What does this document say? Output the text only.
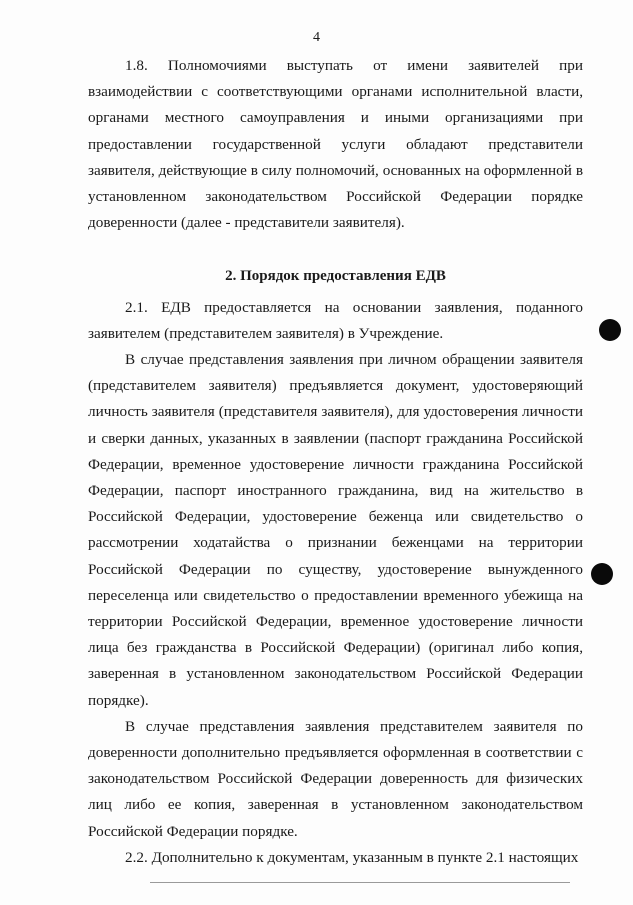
4

1.8. Полномочиями выступать от имени заявителей при взаимодействии с соответствующими органами исполнительной власти, органами местного самоуправления и иными организациями при предоставлении государственной услуги обладают представители заявителя, действующие в силу полномочий, основанных на оформленной в установленном законодательством Российской Федерации порядке доверенности (далее - представители заявителя).

2. Порядок предоставления ЕДВ

2.1. ЕДВ предоставляется на основании заявления, поданного заявителем (представителем заявителя) в Учреждение.

В случае представления заявления при личном обращении заявителя (представителем заявителя) предъявляется документ, удостоверяющий личность заявителя (представителя заявителя), для удостоверения личности и сверки данных, указанных в заявлении (паспорт гражданина Российской Федерации, временное удостоверение личности гражданина Российской Федерации, паспорт иностранного гражданина, вид на жительство в Российской Федерации, удостоверение беженца или свидетельство о рассмотрении ходатайства о признании беженцами на территории Российской Федерации по существу, удостоверение вынужденного переселенца или свидетельство о предоставлении временного убежища на территории Российской Федерации, временное удостоверение личности лица без гражданства в Российской Федерации) (оригинал либо копия, заверенная в установленном законодательством Российской Федерации порядке).

В случае представления заявления представителем заявителя по доверенности дополнительно предъявляется оформленная в соответствии с законодательством Российской Федерации доверенность для физических лиц либо ее копия, заверенная в установленном законодательством Российской Федерации порядке.

2.2. Дополнительно к документам, указанным в пункте 2.1 настоящих
